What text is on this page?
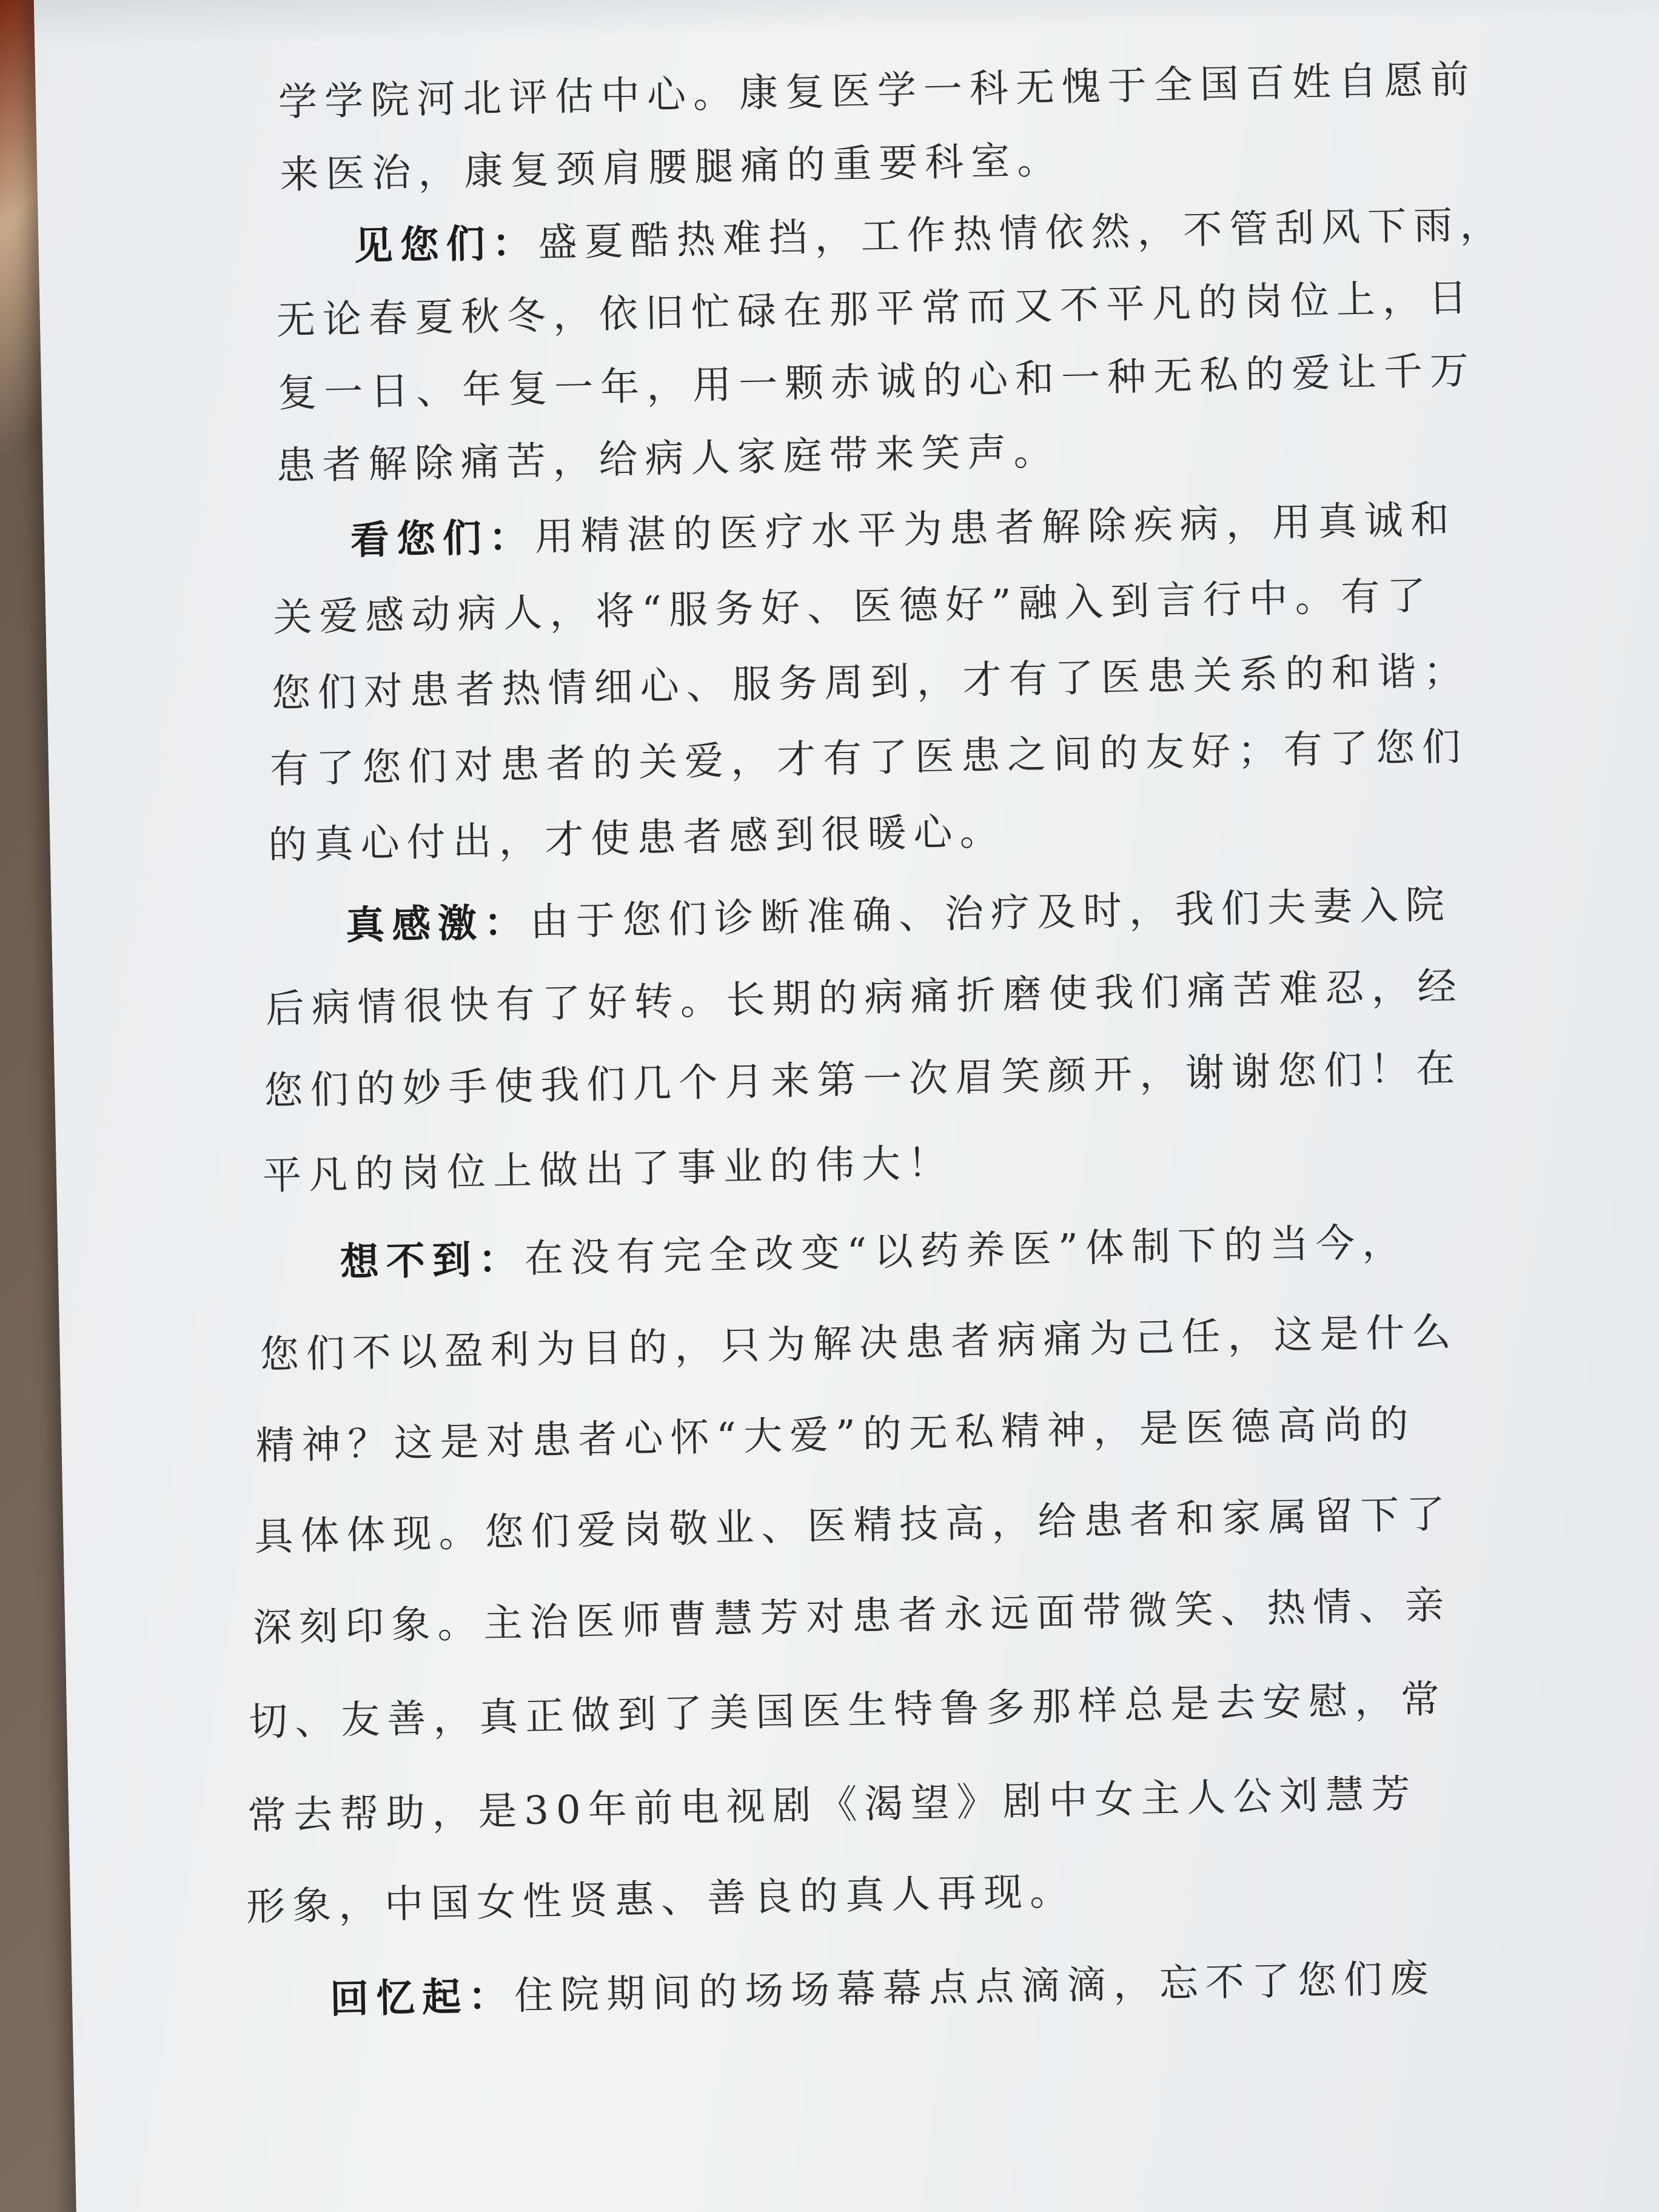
学学院河北评估中心。康复医学一科无愧于全国百姓自愿前
来医治，康复颈肩腰腿痛的重要科室。
见您们：盛夏酷热难挡，工作热情依然，不管刮风下雨，
无论春夏秋冬，依旧忙碌在那平常而又不平凡的岗位上，日
复一日、年复一年，用一颗赤诚的心和一种无私的爱让千万
患者解除痛苦，给病人家庭带来笑声。
看您们：用精湛的医疗水平为患者解除疾病，用真诚和
关爱感动病人，将“服务好、医德好”融入到言行中。有了
您们对患者热情细心、服务周到，才有了医患关系的和谐；
有了您们对患者的关爱，才有了医患之间的友好；有了您们
的真心付出，才使患者感到很暖心。
真感激：由于您们诊断准确、治疗及时，我们夫妻入院
后病情很快有了好转。长期的病痛折磨使我们痛苦难忍，经
您们的妙手使我们几个月来第一次眉笑颜开，谢谢您们！在
平凡的岗位上做出了事业的伟大！
想不到：在没有完全改变“以药养医”体制下的当今，
您们不以盈利为目的，只为解决患者病痛为己任，这是什么
精神？这是对患者心怀“大爱”的无私精神，是医德高尚的
具体体现。您们爱岗敬业、医精技高，给患者和家属留下了
深刻印象。主治医师曹慧芳对患者永远面带微笑、热情、亲
切、友善，真正做到了美国医生特鲁多那样总是去安慰，常
常去帮助，是30年前电视剧《渴望》剧中女主人公刘慧芳
形象，中国女性贤惠、善良的真人再现。
回忆起：住院期间的场场幕幕点点滴滴，忘不了您们废
